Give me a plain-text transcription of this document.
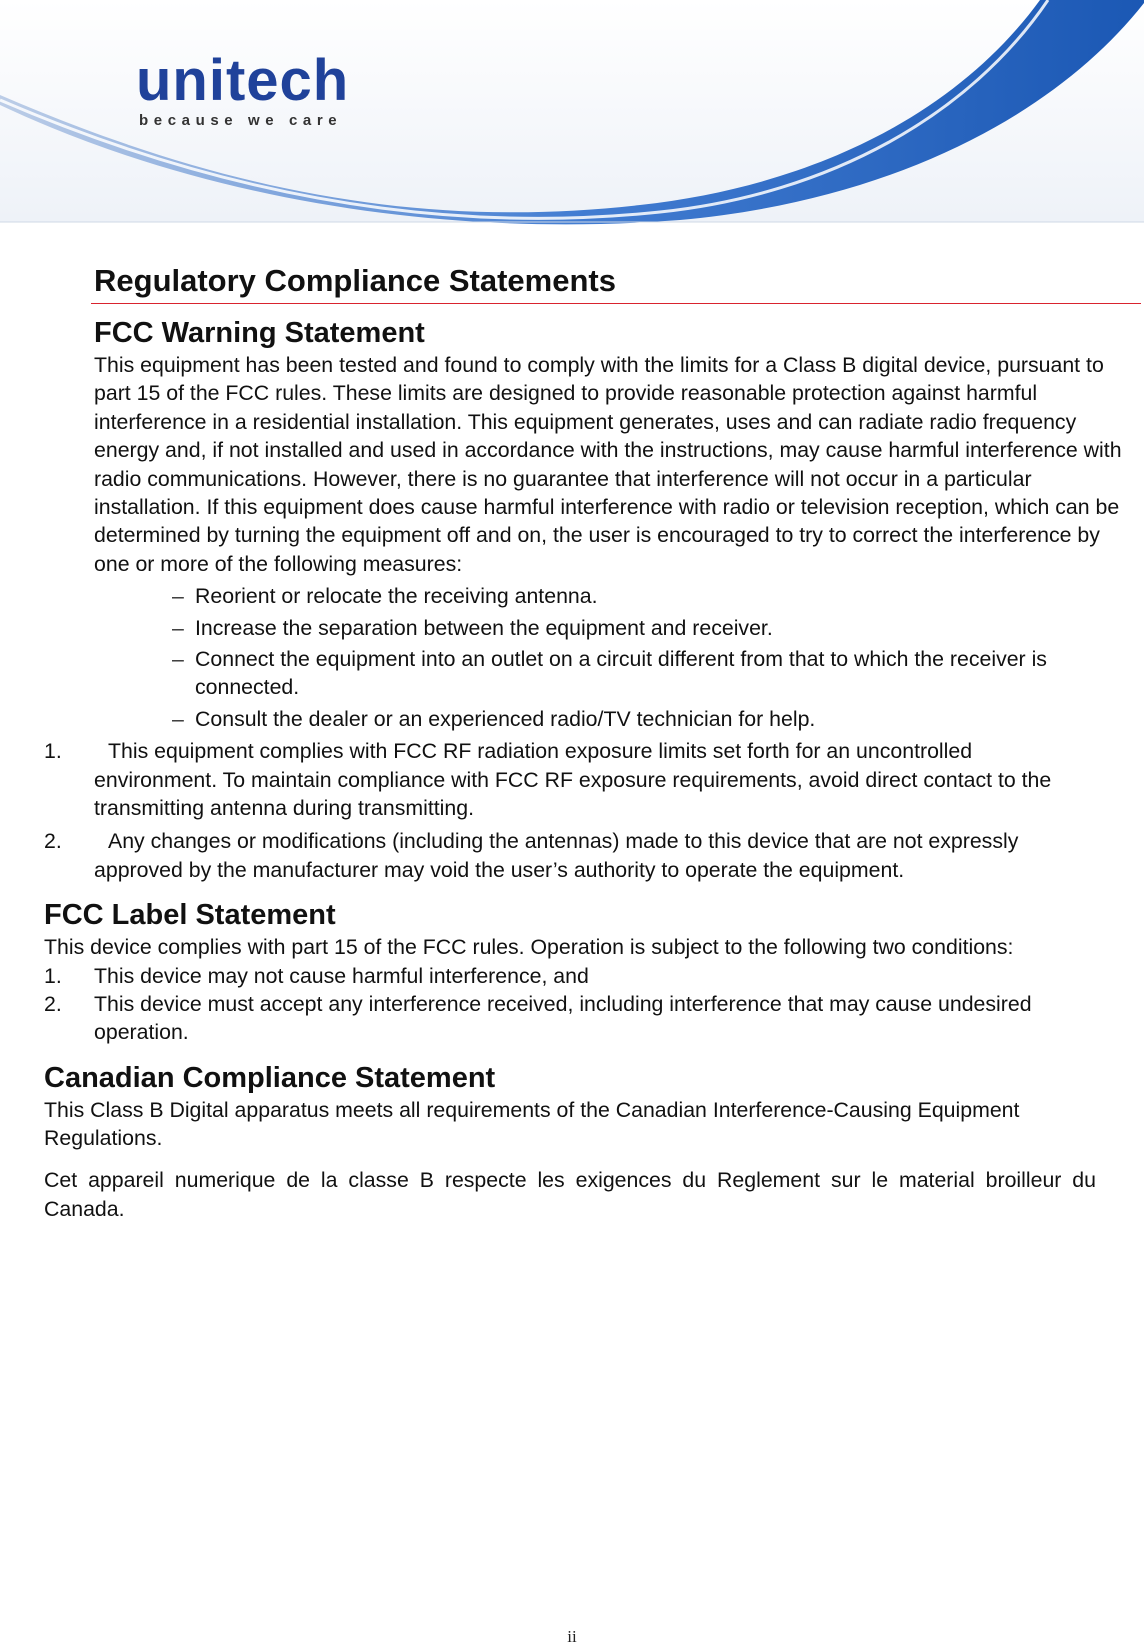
unitech
because we care
Regulatory Compliance Statements
FCC Warning Statement

This equipment has been tested and found to comply with the limits for a Class B digital device, pursuant to part 15 of the FCC rules. These limits are designed to provide reasonable protection against harmful interference in a residential installation. This equipment generates, uses and can radiate radio frequency energy and, if not installed and used in accordance with the instructions, may cause harmful interference with radio communications. However, there is no guarantee that interference will not occur in a particular installation. If this equipment does cause harmful interference with radio or television reception, which can be determined by turning the equipment off and on, the user is encouraged to try to correct the interference by one or more of the following measures:

– Reorient or relocate the receiving antenna.
– Increase the separation between the equipment and receiver.
– Connect the equipment into an outlet on a circuit different from that to which the receiver is connected.
– Consult the dealer or an experienced radio/TV technician for help.
1. This equipment complies with FCC RF radiation exposure limits set forth for an uncontrolled environment. To maintain compliance with FCC RF exposure requirements, avoid direct contact to the transmitting antenna during transmitting.
2. Any changes or modifications (including the antennas) made to this device that are not expressly approved by the manufacturer may void the user’s authority to operate the equipment.
FCC Label Statement

This device complies with part 15 of the FCC rules. Operation is subject to the following two conditions:

1. This device may not cause harmful interference, and
2. This device must accept any interference received, including interference that may cause undesired operation.
Canadian Compliance Statement

This Class B Digital apparatus meets all requirements of the Canadian Interference-Causing Equipment Regulations.

Cet appareil numerique de la classe B respecte les exigences du Reglement sur le material broilleur du Canada.

ii
